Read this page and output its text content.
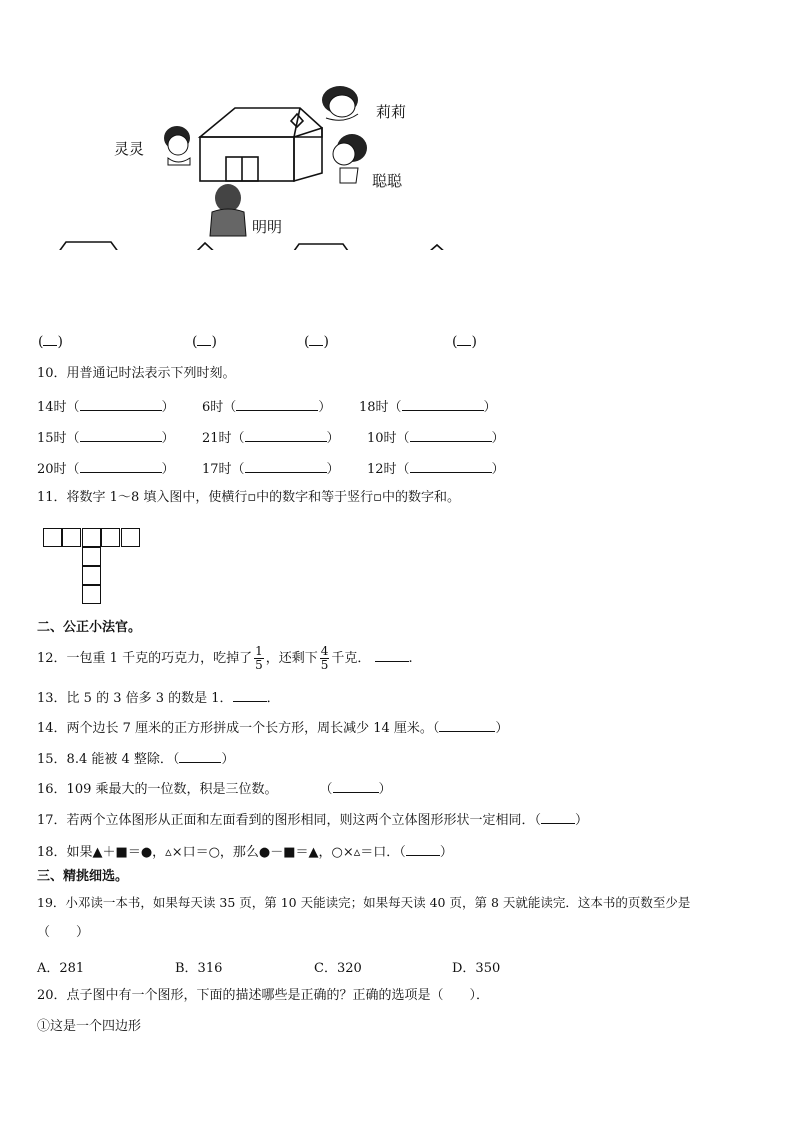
灵灵
莉莉
聪聪
明明
( )	( )	( )	( )
10．用普通记时法表示下列时刻。
14时（	） 6时（	） 18时（	）
15时（	） 21时（	） 10时（	）
20时（	） 17时（	） 12时（	）
11．将数字 1～8 填入图中，使横行▫中的数字和等于竖行▫中的数字和。
二、公正小法官。
12．一包重 1 千克的巧克力，吃掉了 $\frac{1}{5}$ ，还剩下 $\frac{4}{5}$ 千克．	.
13．比 5 的 3 倍多 3 的数是 1．	．
14．两个边长 7 厘米的正方形拼成一个长方形，周长减少 14 厘米。（	）
15．8.4 能被 4 整除．（	）
16．109 乘最大的一位数，积是三位数。	（	）
17．若两个立体图形从正面和左面看到的图形相同，则这两个立体图形形状一定相同．（	）
18．如果▲＋■＝●，▵×口＝○，那么●－■＝▲，○×▵＝口．（	）
三、精挑细选。
19．小邓读一本书，如果每天读 35 页，第 10 天能读完；如果每天读 40 页，第 8 天就能读完．这本书的页数至少是
（　　）
A．281	B．316	C．320	D．350
20．点子图中有一个图形，下面的描述哪些是正确的？正确的选项是（　　）．
①这是一个四边形
